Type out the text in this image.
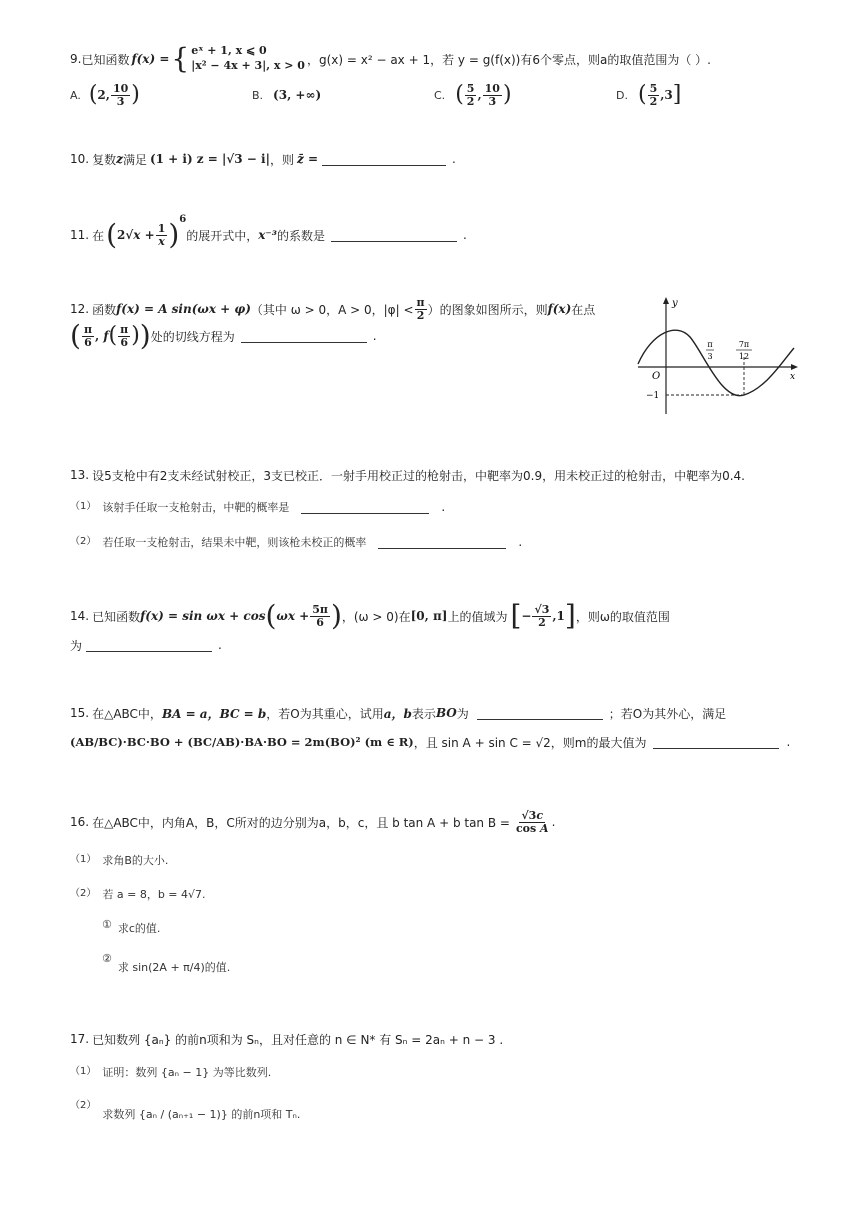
9. 已知函数 f(x) = { eˣ + 1, x ⩽ 0
|x² − 4x + 3|, x > 0 ，g(x) = x² − ax + 1，若 y = g(f(x))有6个零点，则a的取值范围为（ ）.
A. ( 2, $\frac{10}{3}$ )	B. (3, +∞)	C. ( $\frac{5}{2}$ , $\frac{10}{3}$ )	D. ( $\frac{5}{2} ,3$ ]
10. 复数 z 满足 (1 + i) z = |√3 − i| ，则 z̄ =	.
11. 在 ( $2√x + \frac{1}{x}$ ) 6
的展开式中， x⁻³ 的系数是	.
12. 函数 f(x) = A sin(ωx + φ) （其中 ω > 0，A > 0，$|\varphi| < \frac{\pi}{2}$ ）的图象如图所示，则 f(x) 在点
( $\frac{\pi}{6}$ , f ( $\frac{\pi}{6}$ ) ) 处的切线方程为	.
y
x
O
−1
π
3
7π
12
13. 设5支枪中有2支未经试射校正，3支已校正．一射手用校正过的枪射击，中靶率为0.9，用未校正过的枪射击，中靶率为0.4.
（1） 该射手任取一支枪射击，中靶的概率是	.
（2） 若任取一支枪射击，结果未中靶，则该枪未校正的概率	.
14. 已知函数 f(x) = sin ωx + cos ( $\omega x + \frac{5\pi}{6}$ ) ，(ω > 0)在 [0, π] 上的值域为 [ − $\frac{√3}{2} ,1$ ] ，则ω的取值范围
为	.
15. 在△ABC中， BA = a，BC = b ，若O为其重心，试用 a，b 表示 BO 为	；若O为其外心，满足
(AB/BC)·BC·BO + (BC/AB)·BA·BO = 2m(BO)² (m ∈ R) ，且 sin A + sin C = √2，则m的最大值为	.
16. 在△ABC中，内角A，B，C所对的边分别为a，b，c，且 b tan A + b $\tan B = \frac{√3c}{\text{cos A}}$ .
（1） 求角B的大小.
（2） 若 a = 8，b = 4√7.
① 求c的值.
②
求 sin(2A + π/4)的值.
17. 已知数列 {aₙ} 的前n项和为 Sₙ，且对任意的 n ∈ N* 有 Sₙ = 2aₙ + n − 3 .
（1） 证明：数列 {aₙ − 1} 为等比数列.
（2）
求数列 {aₙ / (aₙ₊₁ − 1)} 的前n项和 Tₙ.
